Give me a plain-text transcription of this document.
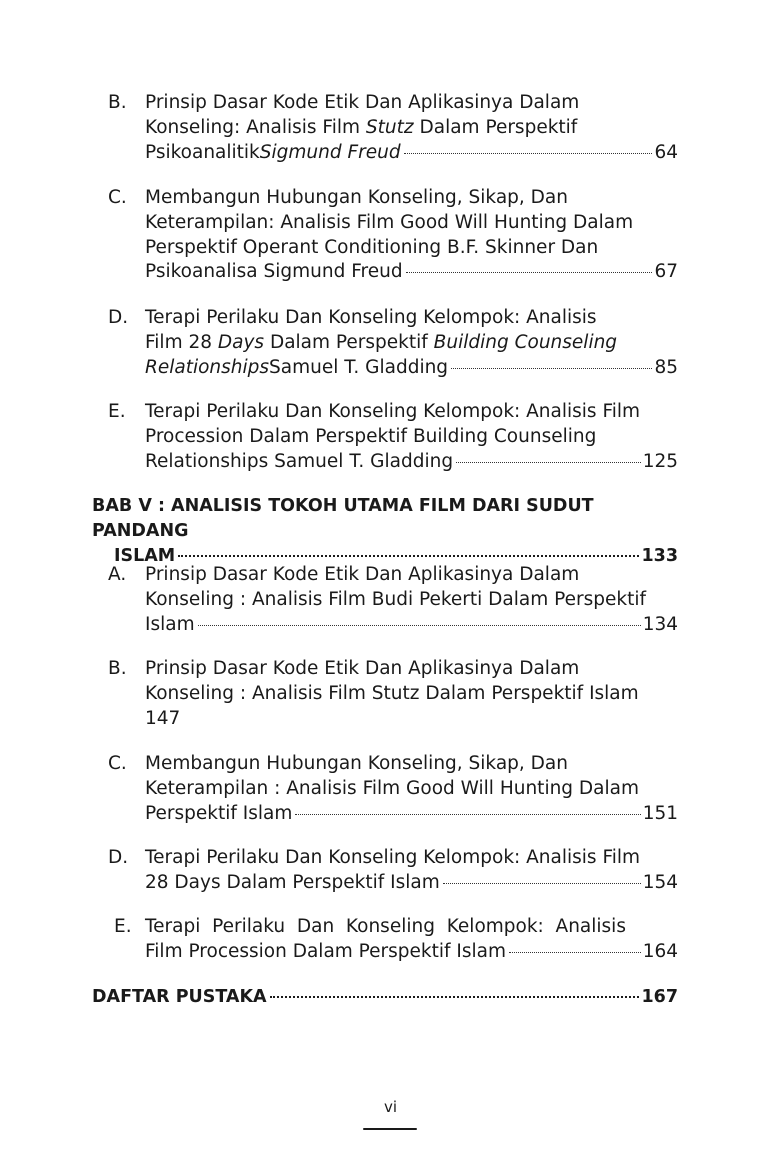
B. Prinsip Dasar Kode Etik Dan Aplikasinya Dalam
Konseling: Analisis Film Stutz Dalam Perspektif
Psikoanalitik Sigmund Freud	64
C. Membangun Hubungan Konseling, Sikap, Dan
Keterampilan: Analisis Film Good Will Hunting Dalam
Perspektif Operant Conditioning B.F. Skinner Dan
Psikoanalisa Sigmund Freud	67
D. Terapi Perilaku Dan Konseling Kelompok: Analisis
Film 28 Days Dalam Perspektif Building Counseling
Relationships Samuel T. Gladding	85
E.	Terapi Perilaku Dan Konseling Kelompok: Analisis Film
Procession Dalam Perspektif Building Counseling
Relationships Samuel T. Gladding	125
BAB V : ANALISIS TOKOH UTAMA FILM DARI SUDUT PANDANG
ISLAM	133
A.	Prinsip Dasar Kode Etik Dan Aplikasinya Dalam
Konseling : Analisis Film Budi Pekerti Dalam Perspektif
Islam	134
B. Prinsip Dasar Kode Etik Dan Aplikasinya Dalam
Konseling : Analisis Film Stutz Dalam Perspektif Islam
147
C. Membangun Hubungan Konseling, Sikap, Dan
Keterampilan : Analisis Film Good Will Hunting Dalam
Perspektif Islam	151
D. Terapi Perilaku Dan Konseling Kelompok: Analisis Film
28 Days Dalam Perspektif Islam	154
E. Terapi  Perilaku  Dan  Konseling  Kelompok:  Analisis
Film Procession Dalam Perspektif Islam	164
DAFTAR PUSTAKA	167
vi
